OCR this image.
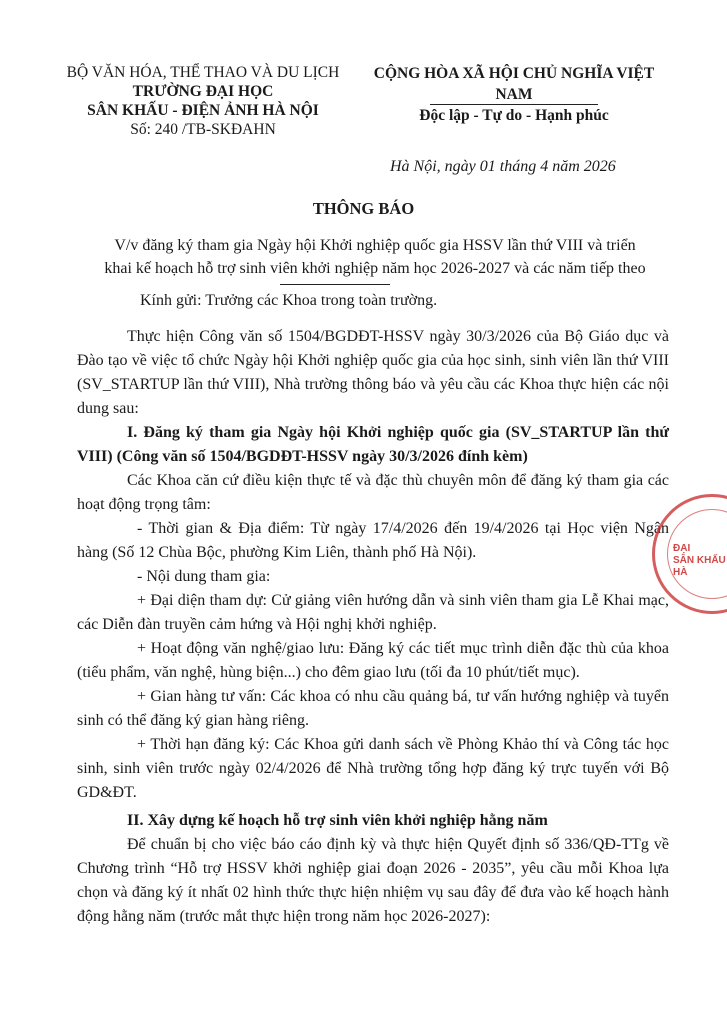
BỘ VĂN HÓA, THỂ THAO VÀ DU LỊCH
TRƯỜNG ĐẠI HỌC
SÂN KHẤU - ĐIỆN ẢNH HÀ NỘI
Số: 240 /TB-SKĐAHN
CỘNG HÒA XÃ HỘI CHỦ NGHĨA VIỆT NAM
Độc lập - Tự do - Hạnh phúc
Hà Nội, ngày 01 tháng 4 năm 2026
THÔNG BÁO
V/v đăng ký tham gia Ngày hội Khởi nghiệp quốc gia HSSV lần thứ VIII và triển
khai kế hoạch hỗ trợ sinh viên khởi nghiệp năm học 2026-2027 và các năm tiếp theo
Kính gửi: Trưởng các Khoa trong toàn trường.

Thực hiện Công văn số 1504/BGDĐT-HSSV ngày 30/3/2026 của Bộ Giáo dục và Đào tạo về việc tổ chức Ngày hội Khởi nghiệp quốc gia của học sinh, sinh viên lần thứ VIII (SV_STARTUP lần thứ VIII), Nhà trường thông báo và yêu cầu các Khoa thực hiện các nội dung sau:

I. Đăng ký tham gia Ngày hội Khởi nghiệp quốc gia (SV_STARTUP lần thứ VIII) (Công văn số 1504/BGDĐT-HSSV ngày 30/3/2026 đính kèm)

Các Khoa căn cứ điều kiện thực tế và đặc thù chuyên môn để đăng ký tham gia các hoạt động trọng tâm:

- Thời gian & Địa điểm: Từ ngày 17/4/2026 đến 19/4/2026 tại Học viện Ngân hàng (Số 12 Chùa Bộc, phường Kim Liên, thành phố Hà Nội).

- Nội dung tham gia:

+ Đại diện tham dự: Cử giảng viên hướng dẫn và sinh viên tham gia Lễ Khai mạc, các Diễn đàn truyền cảm hứng và Hội nghị khởi nghiệp.

+ Hoạt động văn nghệ/giao lưu: Đăng ký các tiết mục trình diễn đặc thù của khoa (tiểu phẩm, văn nghệ, hùng biện...) cho đêm giao lưu (tối đa 10 phút/tiết mục).

+ Gian hàng tư vấn: Các khoa có nhu cầu quảng bá, tư vấn hướng nghiệp và tuyển sinh có thể đăng ký gian hàng riêng.

+ Thời hạn đăng ký: Các Khoa gửi danh sách về Phòng Khảo thí và Công tác học sinh, sinh viên trước ngày 02/4/2026 để Nhà trường tổng hợp đăng ký trực tuyến với Bộ GD&ĐT.

II. Xây dựng kế hoạch hỗ trợ sinh viên khởi nghiệp hằng năm

Để chuẩn bị cho việc báo cáo định kỳ và thực hiện Quyết định số 336/QĐ-TTg về Chương trình “Hỗ trợ HSSV khởi nghiệp giai đoạn 2026 - 2035”, yêu cầu mỗi Khoa lựa chọn và đăng ký ít nhất 02 hình thức thực hiện nhiệm vụ sau đây để đưa vào kế hoạch hành động hằng năm (trước mắt thực hiện trong năm học 2026-2027):

ĐẠI
SÂN KHẤU
HÀ
